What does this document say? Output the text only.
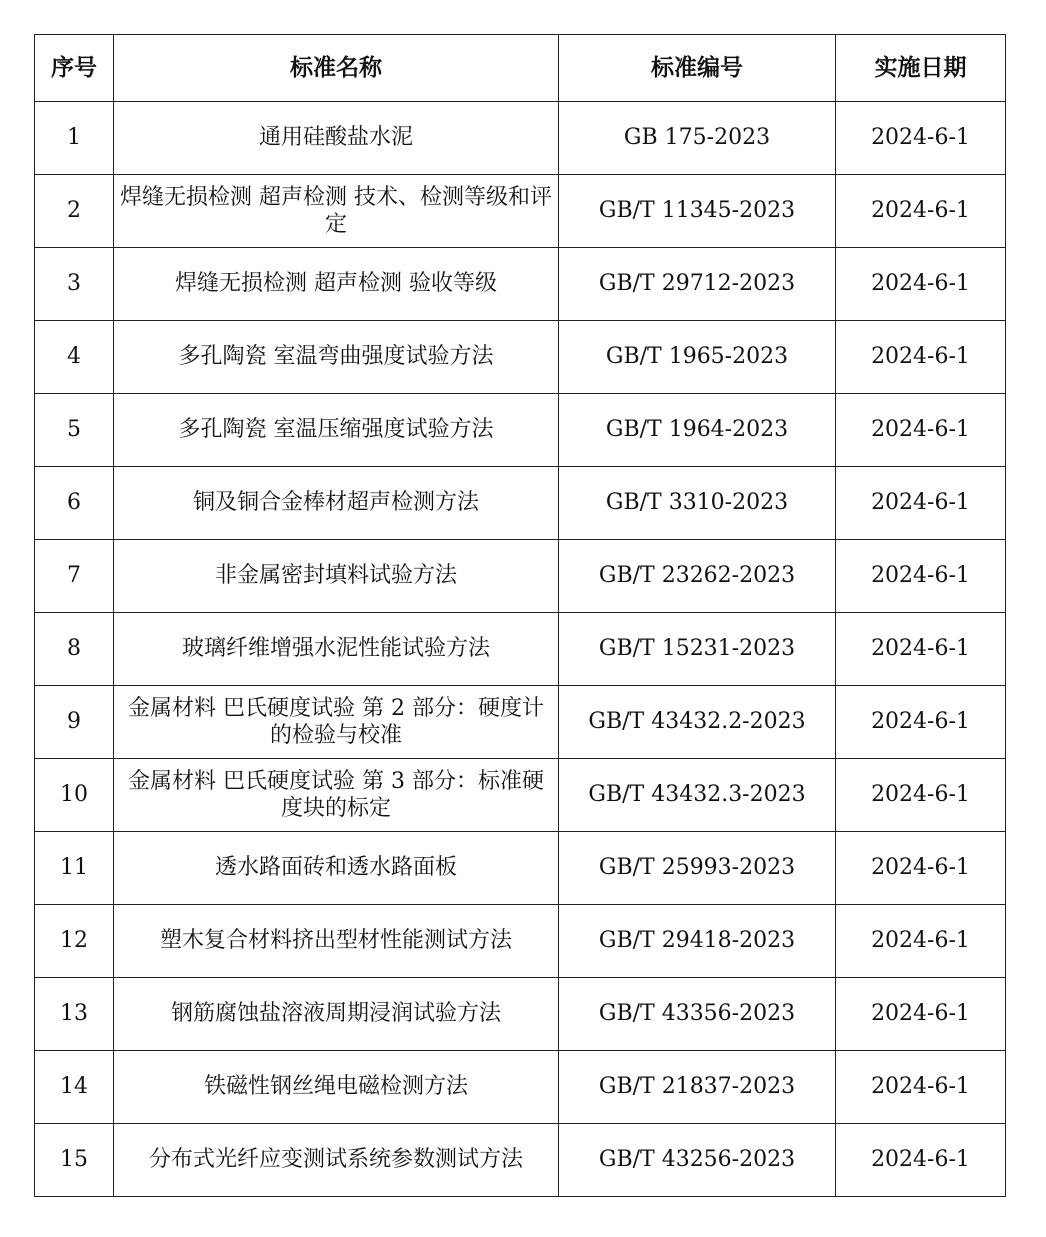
序号	标准名称	标准编号	实施日期
1	通用硅酸盐水泥	GB 175-2023	2024-6-1
2	焊缝无损检测 超声检测 技术、检测等级和评定	GB/T 11345-2023	2024-6-1
3	焊缝无损检测 超声检测 验收等级	GB/T 29712-2023	2024-6-1
4	多孔陶瓷 室温弯曲强度试验方法	GB/T 1965-2023	2024-6-1
5	多孔陶瓷 室温压缩强度试验方法	GB/T 1964-2023	2024-6-1
6	铜及铜合金棒材超声检测方法	GB/T 3310-2023	2024-6-1
7	非金属密封填料试验方法	GB/T 23262-2023	2024-6-1
8	玻璃纤维增强水泥性能试验方法	GB/T 15231-2023	2024-6-1
9	金属材料 巴氏硬度试验 第 2 部分：硬度计的检验与校准	GB/T 43432.2-2023	2024-6-1
10	金属材料 巴氏硬度试验 第 3 部分：标准硬度块的标定	GB/T 43432.3-2023	2024-6-1
11	透水路面砖和透水路面板	GB/T 25993-2023	2024-6-1
12	塑木复合材料挤出型材性能测试方法	GB/T 29418-2023	2024-6-1
13	钢筋腐蚀盐溶液周期浸润试验方法	GB/T 43356-2023	2024-6-1
14	铁磁性钢丝绳电磁检测方法	GB/T 21837-2023	2024-6-1
15	分布式光纤应变测试系统参数测试方法	GB/T 43256-2023	2024-6-1
